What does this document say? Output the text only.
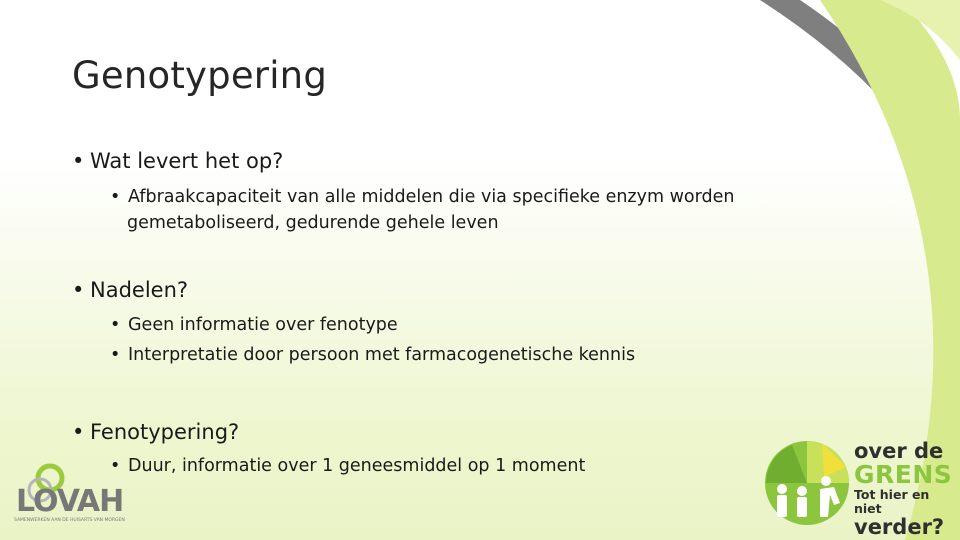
Genotypering
• Wat levert het op?
• Afbraakcapaciteit van alle middelen die via specifieke enzym worden
gemetaboliseerd, gedurende gehele leven
• Nadelen?
• Geen informatie over fenotype
• Interpretatie door persoon met farmacogenetische kennis
• Fenotypering?
• Duur, informatie over 1 geneesmiddel op 1 moment
LOVAH
SAMENWERKEN AAN DE HUISARTS VAN MORGEN
over de
GRENS
Tot hier en niet
verder?
